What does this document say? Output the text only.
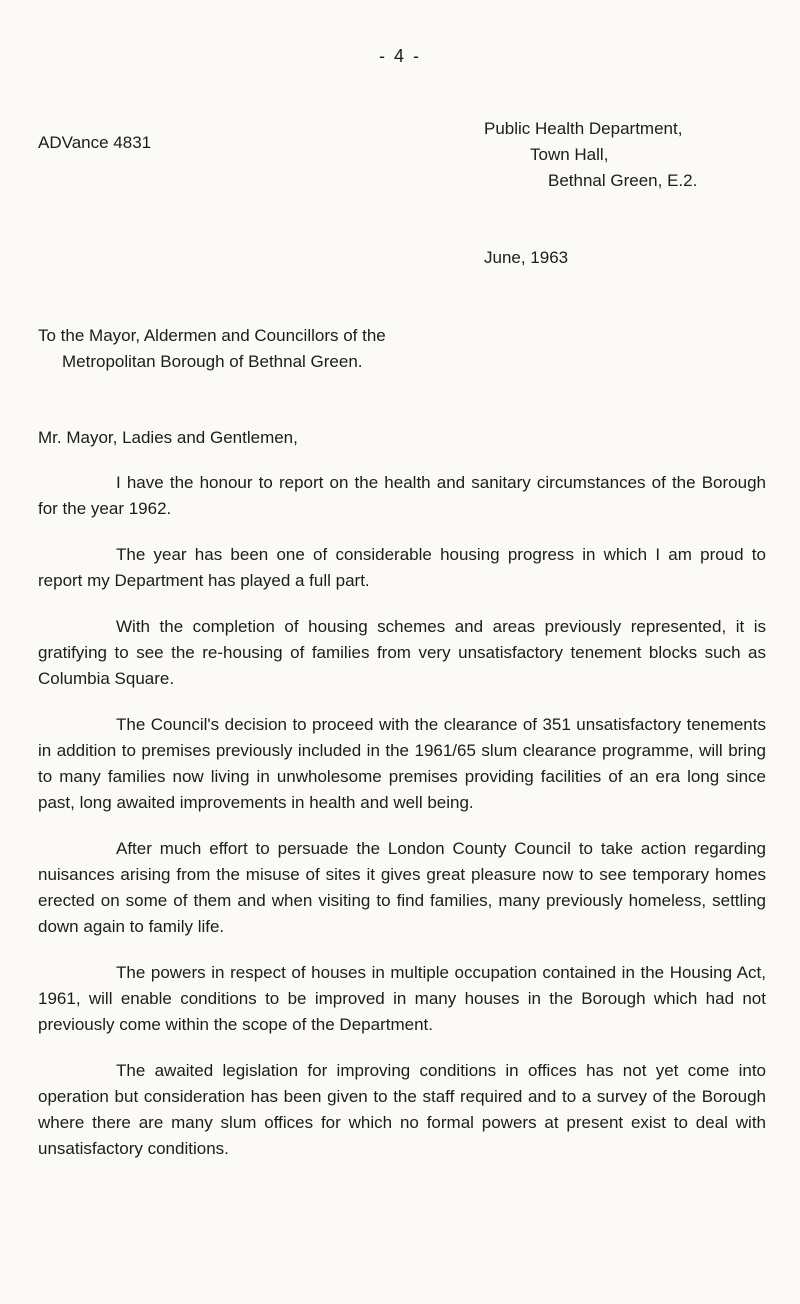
- 4 -
ADVance 4831
Public Health Department,
Town Hall,
Bethnal Green, E.2.
June, 1963
To the Mayor, Aldermen and Councillors of the
Metropolitan Borough of Bethnal Green.
Mr. Mayor, Ladies and Gentlemen,

I have the honour to report on the health and sanitary circumstances of the Borough for the year 1962.

The year has been one of considerable housing progress in which I am proud to report my Department has played a full part.

With the completion of housing schemes and areas previously represented, it is gratifying to see the re-housing of families from very unsatisfactory tenement blocks such as Columbia Square.

The Council's decision to proceed with the clearance of 351 unsatisfactory tenements in addition to premises previously included in the 1961/65 slum clearance programme, will bring to many families now living in unwholesome premises providing facilities of an era long since past, long awaited improvements in health and well being.

After much effort to persuade the London County Council to take action regarding nuisances arising from the misuse of sites it gives great pleasure now to see temporary homes erected on some of them and when visiting to find families, many previously homeless, settling down again to family life.

The powers in respect of houses in multiple occupation contained in the Housing Act, 1961, will enable conditions to be improved in many houses in the Borough which had not previously come within the scope of the Department.

The awaited legislation for improving conditions in offices has not yet come into operation but consideration has been given to the staff required and to a survey of the Borough where there are many slum offices for which no formal powers at present exist to deal with unsatisfactory conditions.
